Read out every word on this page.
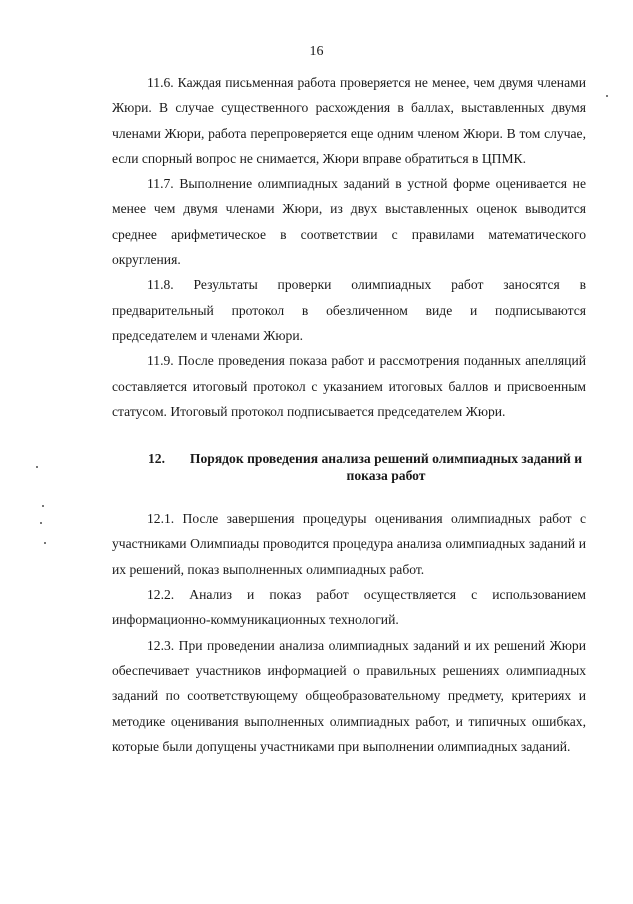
16

11.6. Каждая письменная работа проверяется не менее, чем двумя членами Жюри. В случае существенного расхождения в баллах, выставленных двумя членами Жюри, работа перепроверяется еще одним членом Жюри. В том случае, если спорный вопрос не снимается, Жюри вправе обратиться в ЦПМК.

11.7. Выполнение олимпиадных заданий в устной форме оценивается не менее чем двумя членами Жюри, из двух выставленных оценок выводится среднее арифметическое в соответствии с правилами математического округления.

11.8. Результаты проверки олимпиадных работ заносятся в предварительный протокол в обезличенном виде и подписываются председателем и членами Жюри.

11.9. После проведения показа работ и рассмотрения поданных апелляций составляется итоговый протокол с указанием итоговых баллов и присвоенным статусом. Итоговый протокол подписывается председателем Жюри.

12.	Порядок проведения анализа решений олимпиадных заданий и показа работ

12.1. После завершения процедуры оценивания олимпиадных работ с участниками Олимпиады проводится процедура анализа олимпиадных заданий и их решений, показ выполненных олимпиадных работ.

12.2. Анализ и показ работ осуществляется с использованием информационно-коммуникационных технологий.

12.3. При проведении анализа олимпиадных заданий и их решений Жюри обеспечивает участников информацией о правильных решениях олимпиадных заданий по соответствующему общеобразовательному предмету, критериях и методике оценивания выполненных олимпиадных работ, и типичных ошибках, которые были допущены участниками при выполнении олимпиадных заданий.
